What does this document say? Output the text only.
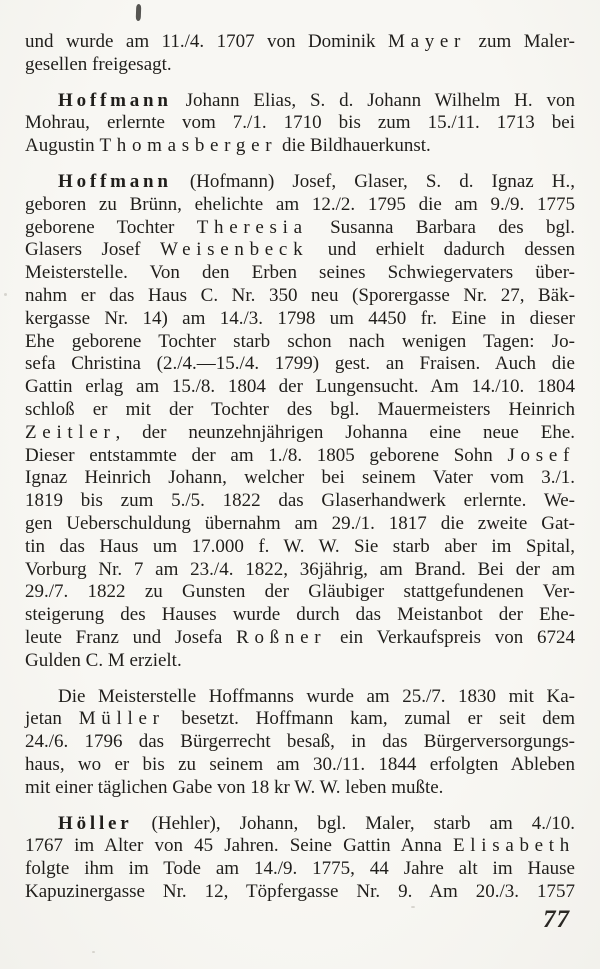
und wurde am 11./4. 1707 von Dominik Mayer zum Maler-
gesellen freigesagt.
Hoffmann Johann Elias, S. d. Johann Wilhelm H. von
Mohrau, erlernte vom 7./1. 1710 bis zum 15./11. 1713 bei
Augustin Thomasberger die Bildhauerkunst.
Hoffmann (Hofmann) Josef, Glaser, S. d. Ignaz H.,
geboren zu Brünn, ehelichte am 12./2. 1795 die am 9./9. 1775
geborene Tochter Theresia Susanna Barbara des bgl.
Glasers Josef Weisenbeck und erhielt dadurch dessen
Meisterstelle. Von den Erben seines Schwiegervaters über-
nahm er das Haus C. Nr. 350 neu (Sporergasse Nr. 27, Bäk-
kergasse Nr. 14) am 14./3. 1798 um 4450 fr. Eine in dieser
Ehe geborene Tochter starb schon nach wenigen Tagen: Jo-
sefa Christina (2./4.—15./4. 1799) gest. an Fraisen. Auch die
Gattin erlag am 15./8. 1804 der Lungensucht. Am 14./10. 1804
schloß er mit der Tochter des bgl. Mauermeisters Heinrich
Zeitler, der neunzehnjährigen Johanna eine neue Ehe.
Dieser entstammte der am 1./8. 1805 geborene Sohn Josef
Ignaz Heinrich Johann, welcher bei seinem Vater vom 3./1.
1819 bis zum 5./5. 1822 das Glaserhandwerk erlernte. We-
gen Ueberschuldung übernahm am 29./1. 1817 die zweite Gat-
tin das Haus um 17.000 f. W. W. Sie starb aber im Spital,
Vorburg Nr. 7 am 23./4. 1822, 36jährig, am Brand. Bei der am
29./7. 1822 zu Gunsten der Gläubiger stattgefundenen Ver-
steigerung des Hauses wurde durch das Meistanbot der Ehe-
leute Franz und Josefa Roßner ein Verkaufspreis von 6724
Gulden C. M erzielt.
Die Meisterstelle Hoffmanns wurde am 25./7. 1830 mit Ka-
jetan Müller besetzt. Hoffmann kam, zumal er seit dem
24./6. 1796 das Bürgerrecht besaß, in das Bürgerversorgungs-
haus, wo er bis zu seinem am 30./11. 1844 erfolgten Ableben
mit einer täglichen Gabe von 18 kr W. W. leben mußte.
Höller (Hehler), Johann, bgl. Maler, starb am 4./10.
1767 im Alter von 45 Jahren. Seine Gattin Anna Elisabeth
folgte ihm im Tode am 14./9. 1775, 44 Jahre alt im Hause
Kapuzinergasse Nr. 12, Töpfergasse Nr. 9. Am 20./3. 1757
77
